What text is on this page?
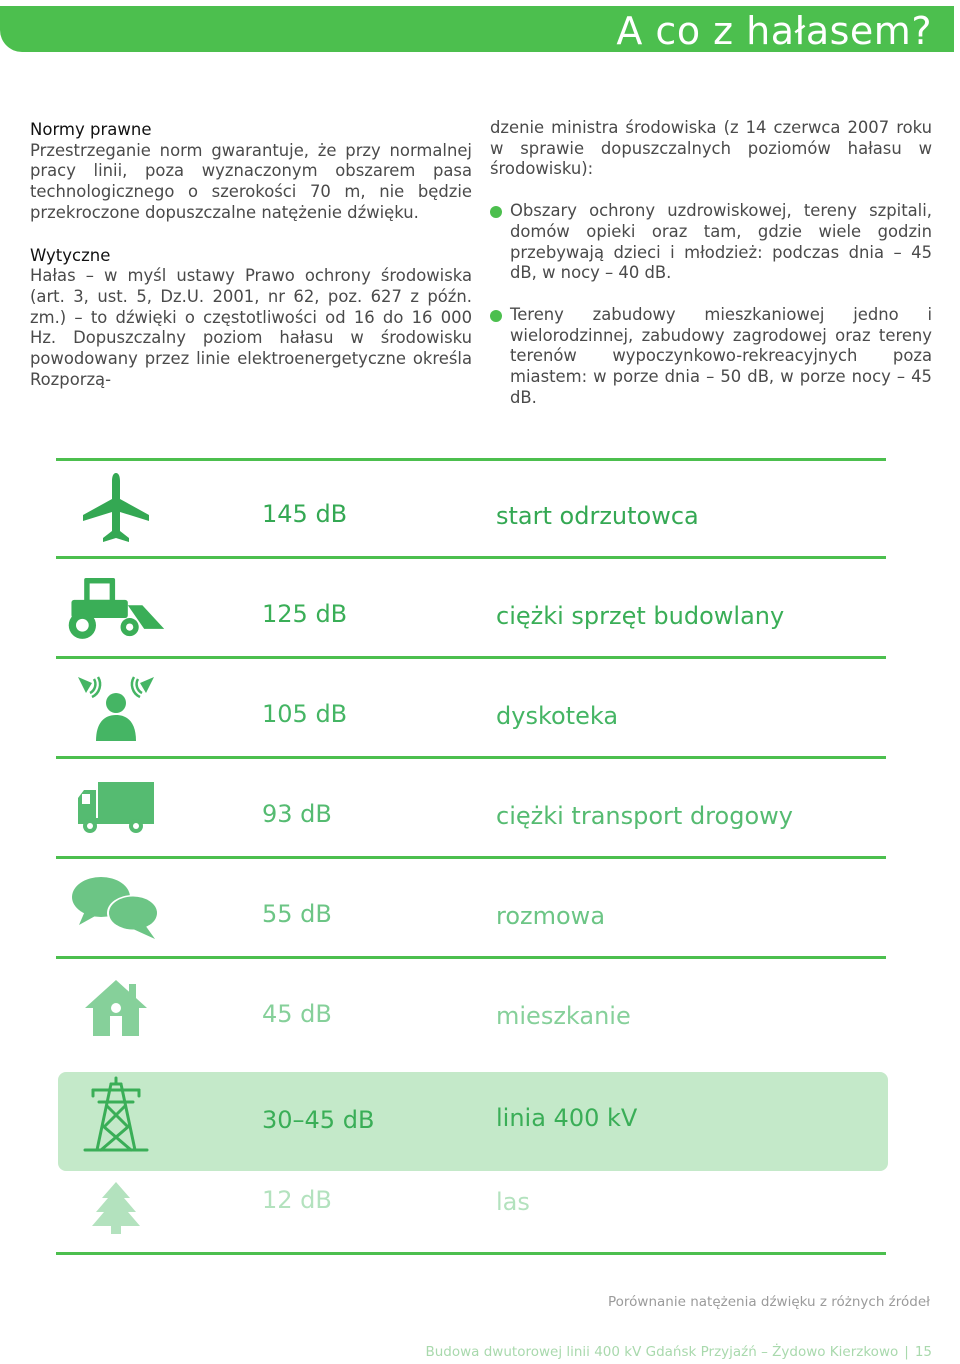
A co z hałasem?
Normy prawne
Przestrzeganie norm gwarantuje, że przy normalnej pracy linii, poza wyznaczonym obszarem pasa technologicznego o szerokości 70 m, nie będzie przekroczone dopuszczalne natężenie dźwięku.
Wytyczne
Hałas – w myśl ustawy Prawo ochrony środowiska (art. 3, ust. 5, Dz.U. 2001, nr 62, poz. 627 z późn. zm.) – to dźwięki o częstotliwości od 16 do 16 000 Hz. Dopuszczalny poziom hałasu w środowisku powodowany przez linie elektroenergetyczne określa Rozporzą-
dzenie ministra środowiska (z 14 czerwca 2007 roku w sprawie dopuszczalnych poziomów hałasu w środowisku):
Obszary ochrony uzdrowiskowej, tereny szpitali, domów opieki oraz tam, gdzie wiele godzin przebywają dzieci i młodzież: podczas dnia – 45 dB, w nocy – 40 dB.
Tereny zabudowy mieszkaniowej jedno i wielorodzinnej, zabudowy zagrodowej oraz tereny terenów wypoczynkowo-rekreacyjnych poza miastem: w porze dnia – 50 dB, w porze nocy – 45 dB.
145 dB	start odrzutowca
125 dB	ciężki sprzęt budowlany
105 dB	dyskoteka
93 dB	ciężki transport drogowy
55 dB	rozmowa
45 dB	mieszkanie
30–45 dB	linia 400 kV
12 dB	las
Porównanie natężenia dźwięku z różnych źródeł
Budowa dwutorowej linii 400 kV Gdańsk Przyjaźń – Żydowo Kierzkowo | 15
